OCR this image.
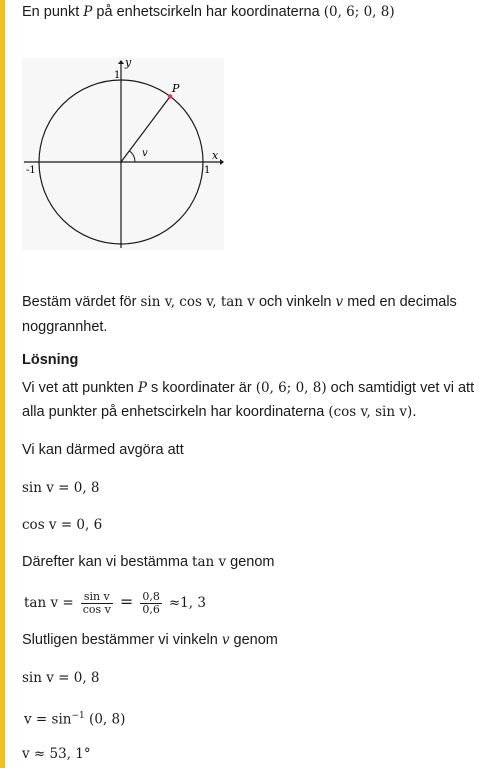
En punkt P på enhetscirkeln har koordinaterna (0, 6; 0, 8)
y
x
P
v
1
1
-1
Bestäm värdet för sin v, cos v, tan v och vinkeln v med en decimals
noggrannhet.
Lösning
Vi vet att punkten P s koordinater är (0, 6; 0, 8) och samtidigt vet vi att
alla punkter på enhetscirkeln har koordinaterna (cos v, sin v).
Vi kan därmed avgöra att
sin v = 0, 8
cos v = 0, 6
Därefter kan vi bestämma tan v genom
$\tan v = \frac{\text{sin v}}{\text{cos v}} = \frac{0,8}{0,6} \approx 1$, 3
Slutligen bestämmer vi vinkeln v genom
sin v = 0, 8
$v = \sin^{-1} (0$, 8)
v ≈ 53, 1°
